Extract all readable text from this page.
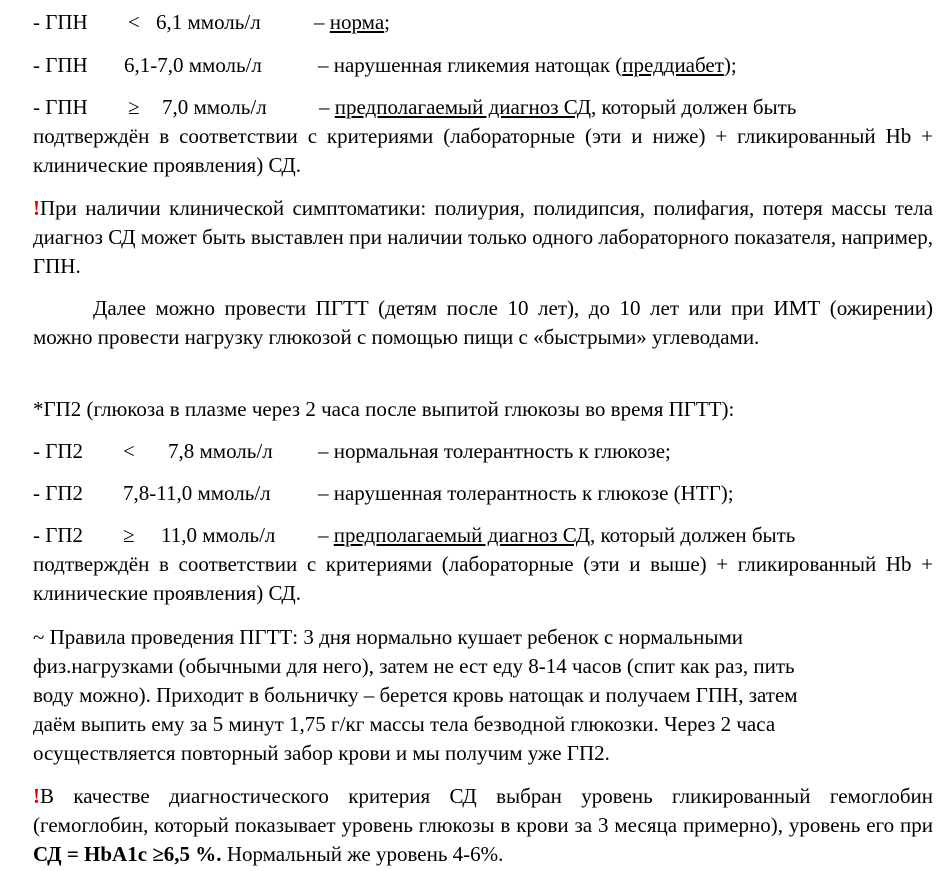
- ГПН	< 6,1 ммоль/л	– норма;
- ГПН	6,1-7,0 ммоль/л	– нарушенная гликемия натощак (преддиабет);
- ГПН	≥	7,0 ммоль/л	– предполагаемый диагноз СД, который должен быть

подтверждён в соответствии с критериями (лабораторные (эти и ниже) + гликированный Hb + клинические проявления) СД.

!При наличии клинической симптоматики: полиурия, полидипсия, полифагия, потеря массы тела диагноз СД может быть выставлен при наличии только одного лабораторного показателя, например, ГПН.

Далее можно провести ПГТТ (детям после 10 лет), до 10 лет или при ИМТ (ожирении) можно провести нагрузку глюкозой с помощью пищи с «быстрыми» углеводами.

*ГП2 (глюкоза в плазме через 2 часа после выпитой глюкозы во время ПГТТ):

- ГП2	<	7,8 ммоль/л	– нормальная толерантность к глюкозе;
- ГП2	7,8-11,0 ммоль/л	– нарушенная толерантность к глюкозе (НТГ);
- ГП2	≥	11,0 ммоль/л	– предполагаемый диагноз СД, который должен быть

подтверждён в соответствии с критериями (лабораторные (эти и выше) + гликированный Hb + клинические проявления) СД.

~ Правила проведения ПГТТ: 3 дня нормально кушает ребенок с нормальными
физ.нагрузками (обычными для него), затем не ест еду 8-14 часов (спит как раз, пить
воду можно). Приходит в больничку – берется кровь натощак и получаем ГПН, затем
даём выпить ему за 5 минут 1,75 г/кг массы тела безводной глюкозки. Через 2 часа
осуществляется повторный забор крови и мы получим уже ГП2.

!В качестве диагностического критерия СД выбран уровень гликированный гемоглобин (гемоглобин, который показывает уровень глюкозы в крови за 3 месяца примерно), уровень его при СД = HbA1c ≥6,5 %. Нормальный же уровень 4-6%.
